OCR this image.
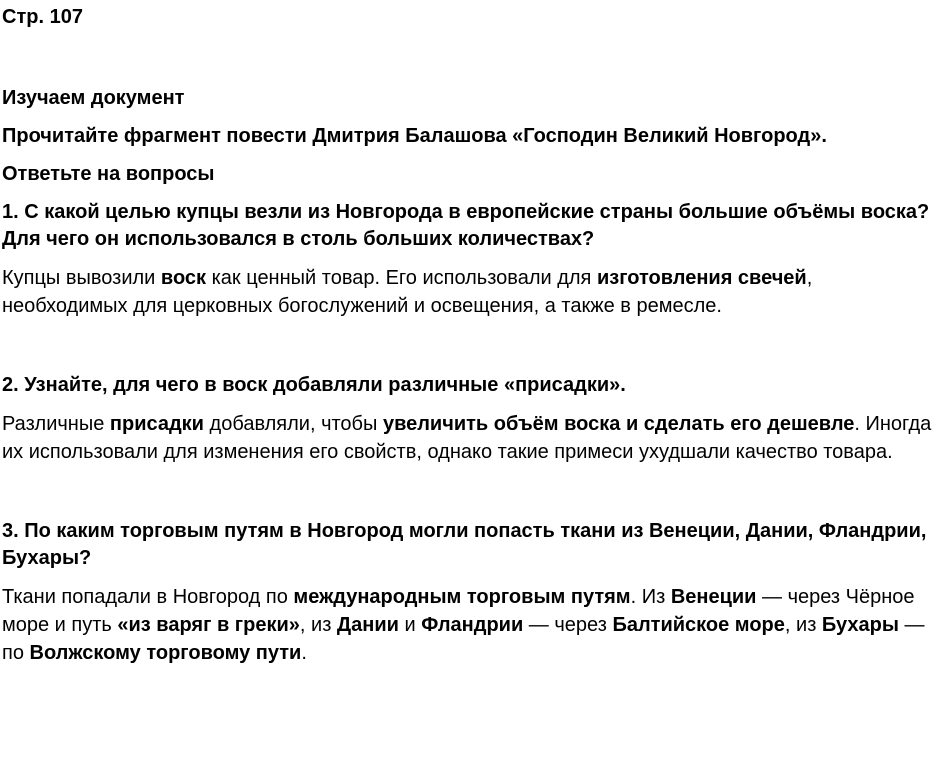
Стр. 107

Изучаем документ

Прочитайте фрагмент повести Дмитрия Балашова «Господин Великий Новгород».

Ответьте на вопросы

1. С какой целью купцы везли из Новгорода в европейские страны большие объёмы воска? Для чего он использовался в столь больших количествах?

Купцы вывозили воск как ценный товар. Его использовали для изготовления свечей, необходимых для церковных богослужений и освещения, а также в ремесле.

2. Узнайте, для чего в воск добавляли различные «присадки».

Различные присадки добавляли, чтобы увеличить объём воска и сделать его дешевле. Иногда их использовали для изменения его свойств, однако такие примеси ухудшали качество товара.

3. По каким торговым путям в Новгород могли попасть ткани из Венеции, Дании, Фландрии, Бухары?

Ткани попадали в Новгород по международным торговым путям. Из Венеции — через Чёрное море и путь «из варяг в греки», из Дании и Фландрии — через Балтийское море, из Бухары — по Волжскому торговому пути.
